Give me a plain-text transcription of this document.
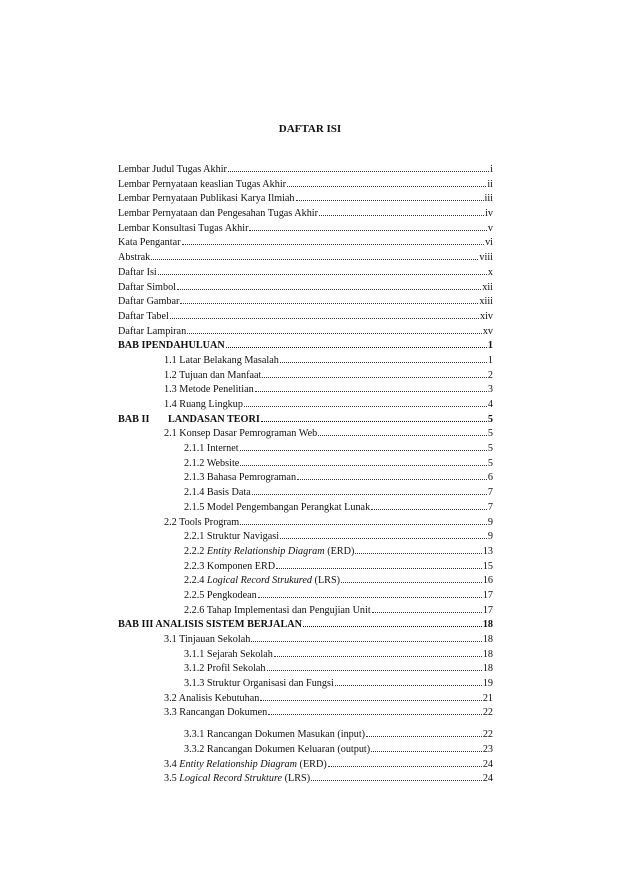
DAFTAR ISI
Lembar Judul Tugas Akhir	i
Lembar Pernyataan keaslian Tugas Akhir	ii
Lembar Pernyataan Publikasi Karya Ilmiah	iii
Lembar Pernyataan dan Pengesahan Tugas Akhir	iv
Lembar Konsultasi Tugas Akhir	v
Kata Pengantar	vi
Abstrak	viii
Daftar Isi	x
Daftar Simbol	xii
Daftar Gambar	xiii
Daftar Tabel	xiv
Daftar Lampiran	xv
BAB IPENDAHULUAN	1
1.1 Latar Belakang Masalah	1
1.2 Tujuan dan Manfaat	2
1.3 Metode Penelitian	3
1.4 Ruang Lingkup	4
BAB II LANDASAN TEORI	5
2.1 Konsep Dasar Pemrograman Web	5
2.1.1 Internet	5
2.1.2 Website	5
2.1.3 Bahasa Pemrograman	6
2.1.4 Basis Data	7
2.1.5 Model Pengembangan Perangkat Lunak	7
2.2 Tools Program	9
2.2.1 Struktur Navigasi	9
2.2.2 Entity Relationship Diagram (ERD)	13
2.2.3 Komponen ERD	15
2.2.4 Logical Record Strukured (LRS)	16
2.2.5 Pengkodean	17
2.2.6 Tahap Implementasi dan Pengujian Unit	17
BAB III ANALISIS SISTEM BERJALAN	18
3.1 Tinjauan Sekolah	18
3.1.1 Sejarah Sekolah	18
3.1.2 Profil Sekolah	18
3.1.3 Struktur Organisasi dan Fungsi	19
3.2 Analisis Kebutuhan	21
3.3 Rancangan Dokumen	22
3.3.1 Rancangan Dokumen Masukan (input)	22
3.3.2 Rancangan Dokumen Keluaran (output)	23
3.4 Entity Relationship Diagram (ERD)	24
3.5 Logical Record Strukture (LRS)	24
